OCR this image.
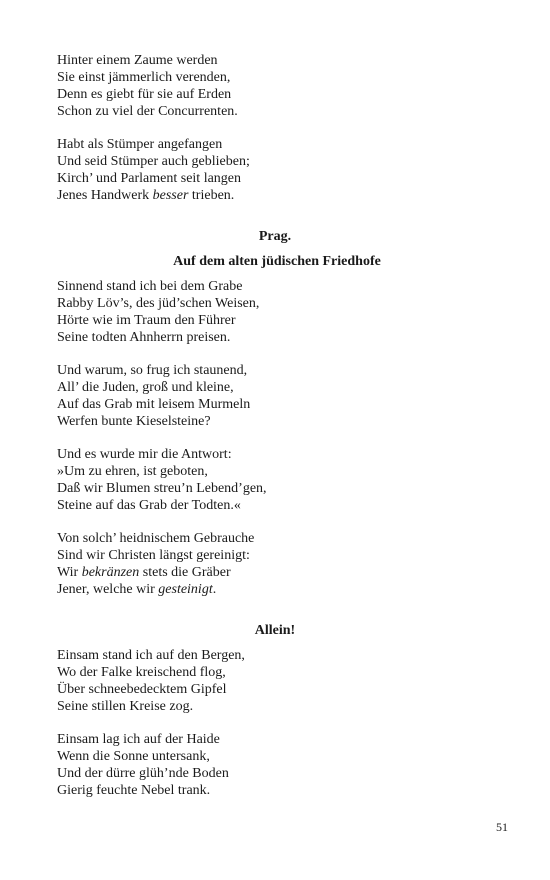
Hinter einem Zaume werden
Sie einst jämmerlich verenden,
Denn es giebt für sie auf Erden
Schon zu viel der Concurrenten.
Habt als Stümper angefangen
Und seid Stümper auch geblieben;
Kirch’ und Parlament seit langen
Jenes Handwerk besser trieben.
Prag.
Auf dem alten jüdischen Friedhofe
Sinnend stand ich bei dem Grabe
Rabby Löv’s, des jüd’schen Weisen,
Hörte wie im Traum den Führer
Seine todten Ahnherrn preisen.
Und warum, so frug ich staunend,
All’ die Juden, groß und kleine,
Auf das Grab mit leisem Murmeln
Werfen bunte Kieselsteine?
Und es wurde mir die Antwort:
»Um zu ehren, ist geboten,
Daß wir Blumen streu’n Lebend’gen,
Steine auf das Grab der Todten.«
Von solch’ heidnischem Gebrauche
Sind wir Christen längst gereinigt:
Wir bekränzen stets die Gräber
Jener, welche wir gesteinigt.
Allein!
Einsam stand ich auf den Bergen,
Wo der Falke kreischend flog,
Über schneebedecktem Gipfel
Seine stillen Kreise zog.
Einsam lag ich auf der Haide
Wenn die Sonne untersank,
Und der dürre glüh’nde Boden
Gierig feuchte Nebel trank.
51
